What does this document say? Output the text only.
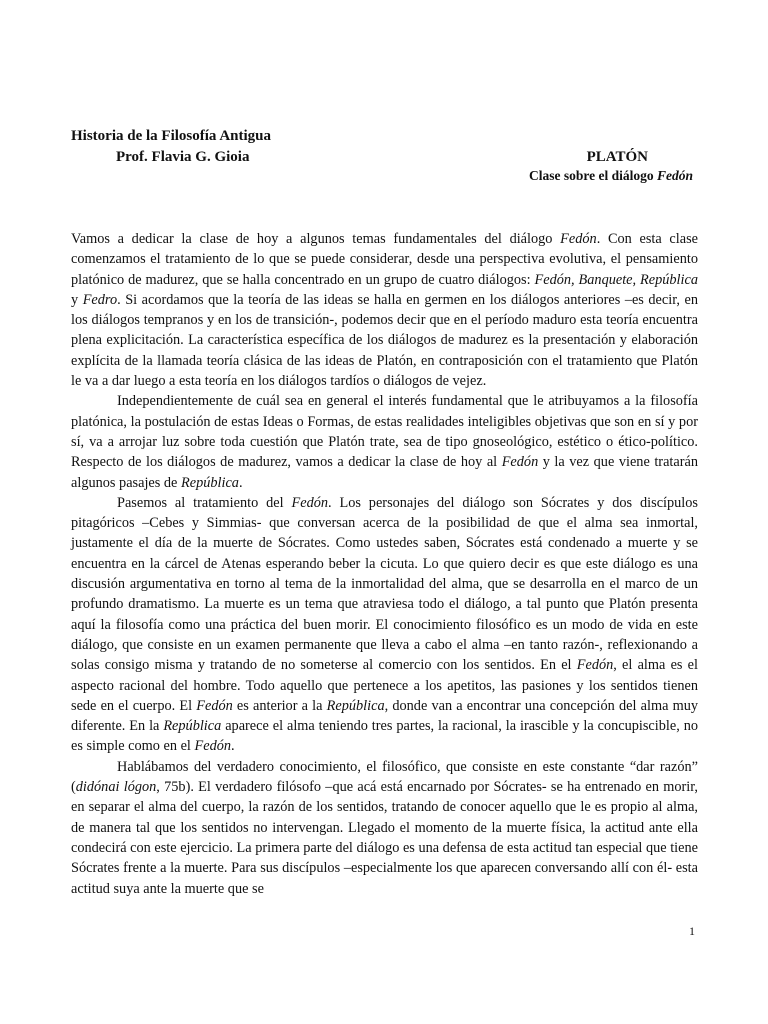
Historia de la Filosofía Antigua
Prof. Flavia G. Gioia	PLATÓN
Clase sobre el diálogo Fedón

Vamos a dedicar la clase de hoy a algunos temas fundamentales del diálogo Fedón. Con esta clase comenzamos el tratamiento de lo que se puede considerar, desde una perspectiva evolutiva, el pensamiento platónico de madurez, que se halla concentrado en un grupo de cuatro diálogos: Fedón, Banquete, República y Fedro. Si acordamos que la teoría de las ideas se halla en germen en los diálogos anteriores –es decir, en los diálogos tempranos y en los de transición-, podemos decir que en el período maduro esta teoría encuentra plena explicitación. La característica específica de los diálogos de madurez es la presentación y elaboración explícita de la llamada teoría clásica de las ideas de Platón, en contraposición con el tratamiento que Platón le va a dar luego a esta teoría en los diálogos tardíos o diálogos de vejez.

Independientemente de cuál sea en general el interés fundamental que le atribuyamos a la filosofía platónica, la postulación de estas Ideas o Formas, de estas realidades inteligibles objetivas que son en sí y por sí, va a arrojar luz sobre toda cuestión que Platón trate, sea de tipo gnoseológico, estético o ético-político. Respecto de los diálogos de madurez, vamos a dedicar la clase de hoy al Fedón y la vez que viene tratarán algunos pasajes de República.

Pasemos al tratamiento del Fedón. Los personajes del diálogo son Sócrates y dos discípulos pitagóricos –Cebes y Simmias- que conversan acerca de la posibilidad de que el alma sea inmortal, justamente el día de la muerte de Sócrates. Como ustedes saben, Sócrates está condenado a muerte y se encuentra en la cárcel de Atenas esperando beber la cicuta. Lo que quiero decir es que este diálogo es una discusión argumentativa en torno al tema de la inmortalidad del alma, que se desarrolla en el marco de un profundo dramatismo. La muerte es un tema que atraviesa todo el diálogo, a tal punto que Platón presenta aquí la filosofía como una práctica del buen morir. El conocimiento filosófico es un modo de vida en este diálogo, que consiste en un examen permanente que lleva a cabo el alma –en tanto razón-, reflexionando a solas consigo misma y tratando de no someterse al comercio con los sentidos. En el Fedón, el alma es el aspecto racional del hombre. Todo aquello que pertenece a los apetitos, las pasiones y los sentidos tienen sede en el cuerpo. El Fedón es anterior a la República, donde van a encontrar una concepción del alma muy diferente. En la República aparece el alma teniendo tres partes, la racional, la irascible y la concupiscible, no es simple como en el Fedón.

Hablábamos del verdadero conocimiento, el filosófico, que consiste en este constante “dar razón” (didónai lógon, 75b). El verdadero filósofo –que acá está encarnado por Sócrates- se ha entrenado en morir, en separar el alma del cuerpo, la razón de los sentidos, tratando de conocer aquello que le es propio al alma, de manera tal que los sentidos no intervengan. Llegado el momento de la muerte física, la actitud ante ella condecirá con este ejercicio. La primera parte del diálogo es una defensa de esta actitud tan especial que tiene Sócrates frente a la muerte. Para sus discípulos –especialmente los que aparecen conversando allí con él- esta actitud suya ante la muerte que se

1
